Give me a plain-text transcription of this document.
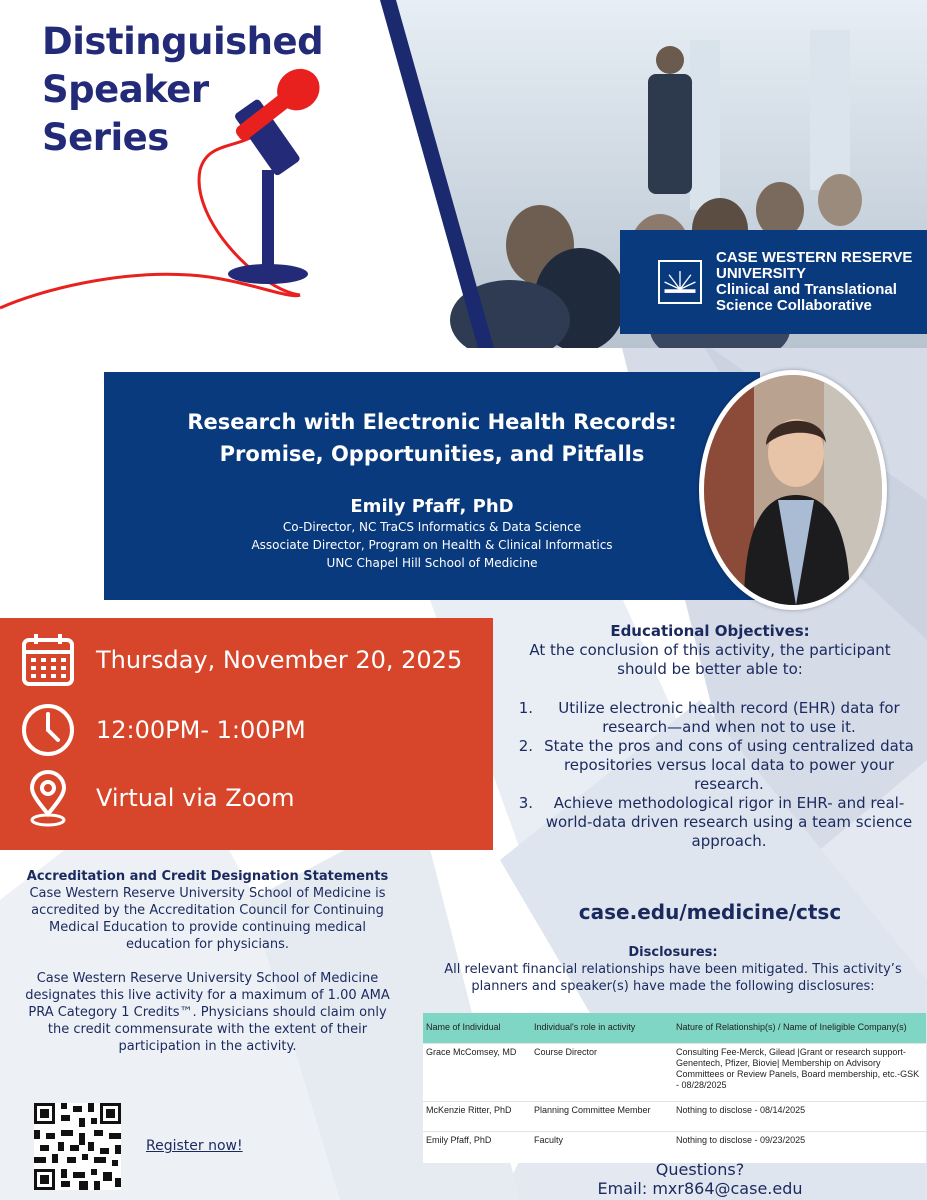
Distinguished
Speaker
Series
CASE WESTERN RESERVE
UNIVERSITY
Clinical and Translational
Science Collaborative
Research with Electronic Health Records:
Promise, Opportunities, and Pitfalls
Emily Pfaff, PhD
Co-Director, NC TraCS Informatics & Data Science
Associate Director, Program on Health & Clinical Informatics
UNC Chapel Hill School of Medicine
Thursday, November 20, 2025
12:00PM- 1:00PM
Virtual via Zoom
Educational Objectives:
At the conclusion of this activity, the participant should be better able to:
1.	Utilize electronic health record (EHR) data for research—and when not to use it.
2. State the pros and cons of using centralized data repositories versus local data to power your research.
3.	Achieve methodological rigor in EHR- and real-world-data driven research using a team science approach.
case.edu/medicine/ctsc

Accreditation and Credit Designation Statements

Case Western Reserve University School of Medicine is accredited by the Accreditation Council for Continuing Medical Education to provide continuing medical education for physicians.

Case Western Reserve University School of Medicine designates this live activity for a maximum of 1.00 AMA PRA Category 1 Credits™. Physicians should claim only the credit commensurate with the extent of their participation in the activity.

Disclosures:
All relevant financial relationships have been mitigated. This activity’s planners and speaker(s) have made the following disclosures:
Name of Individual	Individual's role in activity	Nature of Relationship(s) / Name of Ineligible Company(s)
Grace McComsey, MD	Course Director	Consulting Fee-Merck, Gilead |Grant or research support-Genentech, Pfizer, Biovie| Membership on Advisory Committees or Review Panels, Board membership, etc.-GSK - 08/28/2025
McKenzie Ritter, PhD	Planning Committee Member	Nothing to disclose - 08/14/2025
Emily Pfaff, PhD	Faculty	Nothing to disclose - 09/23/2025
Register now!
Questions?
Email: mxr864@case.edu
